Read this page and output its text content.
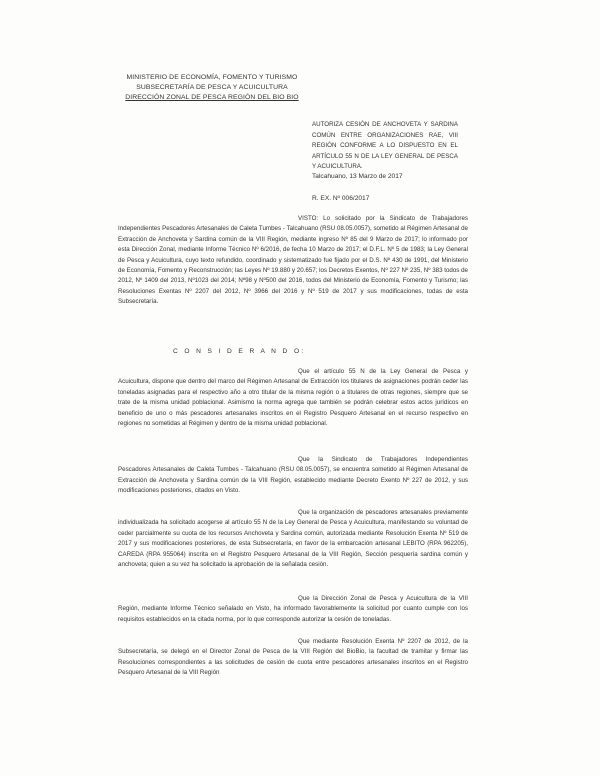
MINISTERIO DE ECONOMÍA, FOMENTO Y TURISMO
SUBSECRETARÍA DE PESCA Y ACUICULTURA
DIRECCIÓN ZONAL DE PESCA REGIÓN DEL BIO BIO
AUTORIZA CESIÓN DE ANCHOVETA Y SARDINA COMÚN ENTRE ORGANIZACIONES RAE, VIII REGIÓN CONFORME A LO DISPUESTO EN EL ARTÍCULO 55 N DE LA LEY GENERAL DE PESCA Y ACUICULTURA.
Talcahuano, 13 Marzo de 2017
R. EX. Nº 006/2017

VISTO: Lo solicitado por la Sindicato de Trabajadores Independientes Pescadores Artesanales de Caleta Tumbes - Talcahuano (RSU 08.05.0057), sometido al Régimen Artesanal de Extracción de Anchoveta y Sardina común de la VIII Región, mediante ingreso Nº 85 del 9 Marzo de 2017; lo informado por esta Dirección Zonal, mediante Informe Técnico Nº 6/2016, de fecha 10 Marzo de 2017; el D.F.L. Nº 5 de 1983; la Ley General de Pesca y Acuicultura, cuyo texto refundido, coordinado y sistematizado fue fijado por el D.S. Nº 430 de 1991, del Ministerio de Economía, Fomento y Reconstrucción; las Leyes Nº 19.880 y 20.657; los Decretos Exentos, Nº 227 Nº 235, Nº 383 todos de 2012, Nº 1409 del 2013, Nº1023 del 2014; Nº98 y Nº500 del 2016, todos del Ministerio de Economía, Fomento y Turismo; las Resoluciones Exentas Nº 2207 del 2012, Nº 3966 del 2016 y Nº 519 de 2017 y sus modificaciones, todas de esta Subsecretaría.

C O N S I D E R A N D O:

Que el artículo 55 N de la Ley General de Pesca y Acuicultura, dispone que dentro del marco del Régimen Artesanal de Extracción los titulares de asignaciones podrán ceder las toneladas asignadas para el respectivo año a otro titular de la misma región o a titulares de otras regiones, siempre que se trate de la misma unidad poblacional. Asimismo la norma agrega que también se podrán celebrar estos actos jurídicos en beneficio de uno o más pescadores artesanales inscritos en el Registro Pesquero Artesanal en el recurso respectivo en regiones no sometidas al Régimen y dentro de la misma unidad poblacional.

Que la Sindicato de Trabajadores Independientes Pescadores Artesanales de Caleta Tumbes - Talcahuano (RSU 08.05.0057), se encuentra sometido al Régimen Artesanal de Extracción de Anchoveta y Sardina común de la VIII Región, establecido mediante Decreto Exento Nº 227 de 2012, y sus modificaciones posteriores, citados en Visto.

Que la organización de pescadores artesanales previamente individualizada ha solicitado acogerse al artículo 55 N de la Ley General de Pesca y Acuicultura, manifestando su voluntad de ceder parcialmente su cuota de los recursos Anchoveta y Sardina común, autorizada mediante Resolución Exenta Nº 519 de 2017 y sus modificaciones posteriores, de esta Subsecretaría, en favor de la embarcación artesanal LEBITO (RPA 962205), CAREDA (RPA 955064) inscrita en el Registro Pesquero Artesanal de la VIII Región, Sección pesquería sardina común y anchoveta; quien a su vez ha solicitado la aprobación de la señalada cesión.

Que la Dirección Zonal de Pesca y Acuicultura de la VIII Región, mediante Informe Técnico señalado en Visto, ha informado favorablemente la solicitud por cuanto cumple con los requisitos establecidos en la citada norma, por lo que corresponde autorizar la cesión de toneladas.

Que mediante Resolución Exenta Nº 2207 de 2012, de la Subsecretaría, se delegó en el Director Zonal de Pesca de la VIII Región del BioBio, la facultad de tramitar y firmar las Resoluciones correspondientes a las solicitudes de cesión de cuota entre pescadores artesanales inscritos en el Registro Pesquero Artesanal de la VIII Región
